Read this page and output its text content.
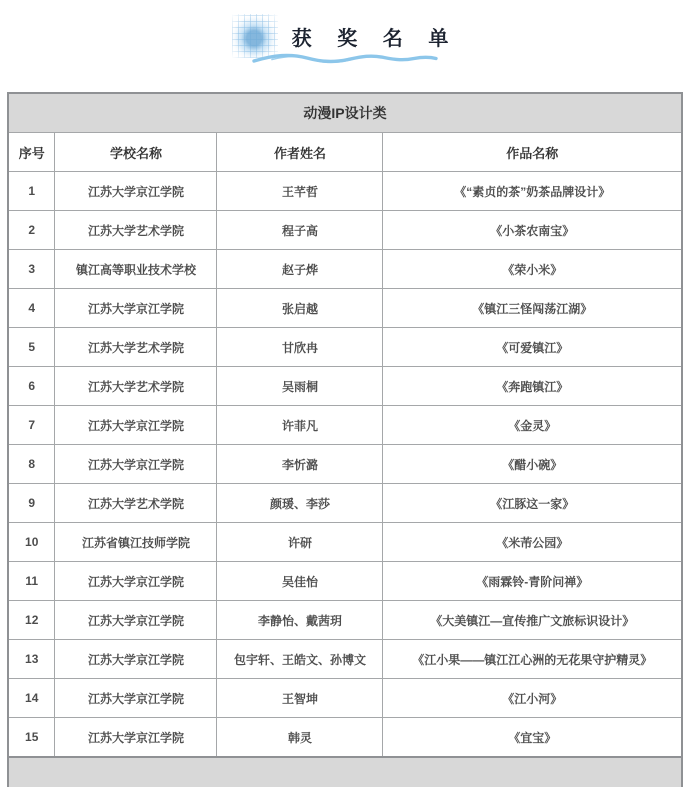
获 奖 名 单
动漫IP设计类			
序号	学校名称	作者姓名	作品名称
1	江苏大学京江学院	王芊哲	《“素贞的茶”奶茶品牌设计》
2	江苏大学艺术学院	程子高	《小茶农南宝》
3	镇江高等职业技术学校	赵子烨	《荣小米》
4	江苏大学京江学院	张启越	《镇江三怪闯荡江湖》
5	江苏大学艺术学院	甘欣冉	《可爱镇江》
6	江苏大学艺术学院	吴雨桐	《奔跑镇江》
7	江苏大学京江学院	许菲凡	《金灵》
8	江苏大学京江学院	李忻潞	《醋小碗》
9	江苏大学艺术学院	颜瑗、李莎	《江豚这一家》
10	江苏省镇江技师学院	许研	《米芾公园》
11	江苏大学京江学院	吴佳怡	《雨霖铃-青阶问禅》
12	江苏大学京江学院	李静怡、戴茜玥	《大美镇江—宣传推广文旅标识设计》
13	江苏大学京江学院	包宇轩、王皓文、孙博文	《江小果——镇江江心洲的无花果守护精灵》
14	江苏大学京江学院	王智坤	《江小河》
15	江苏大学京江学院	韩灵	《宜宝》
